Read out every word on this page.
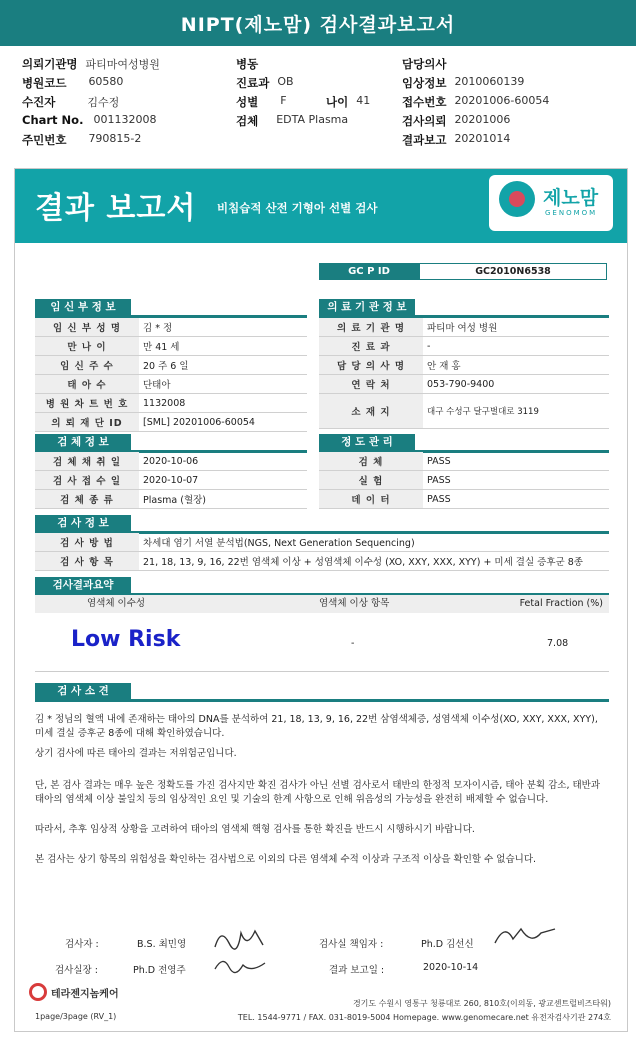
NIPT(제노맘) 검사결과보고서
의뢰기관명 파티마여성병원
병원코드 60580
수진자	김수정
Chart No. 001132008
주민번호 790815-2
병동
진료과 OB
성별 F	나이 41
검체 EDTA Plasma
담당의사
임상정보 2010060139
접수번호 20201006-60054
검사의뢰 20201006
결과보고 20201014
결과 보고서 비침습적 산전 기형아 선별 검사	제노맘
GENOMOM
GC P ID	GC2010N6538
임 신 부 정 보
임 신 부 성 명	김 * 정
만 나 이	만 41 세
임 신 주 수	20 주 6 일
태 아 수	단태아
병 원 차 트 번 호	1132008
의 뢰 재 단 ID	[SML] 20201006-60054
의 료 기 관 정 보
의 료 기 관 명	파티마 여성 병원
진 료 과	-
담 당 의 사 명	안 재 홍
연 락 처	053-790-9400
소 재 지	대구 수성구 달구벌대로 3119
검 체 정 보
검 체 채 취 일	2020-10-06
검 사 접 수 일	2020-10-07
검 체 종 류	Plasma (혈장)
정 도 관 리
검 체	PASS
실 험	PASS
데 이 터	PASS
검 사 정 보
검 사 방 법	차세대 염기 서열 분석법(NGS, Next Generation Sequencing)
검 사 항 목	21, 18, 13, 9, 16, 22번 염색체 이상 + 성염색체 이수성 (XO, XXY, XXX, XYY) + 미세 결실 증후군 8종
검사결과요약
염색체 이수성	염색체 이상 항목	Fetal Fraction (%)
Low Risk	-	7.08
검 사 소 견
김 * 정님의 혈액 내에 존재하는 태아의 DNA를 분석하여 21, 18, 13, 9, 16, 22번 삼염색체증, 성염색체 이수성(XO, XXY, XXX, XYY), 미세 결실 증후군 8종에 대해 확인하였습니다.
상기 검사에 따른 태아의 결과는 저위험군입니다.
단, 본 검사 결과는 매우 높은 정확도를 가진 검사지만 확진 검사가 아닌 선별 검사로서 태반의 한정적 모자이시즘, 태아 분획 감소, 태반과 태아의 염색체 이상 불일치 등의 임상적인 요인 및 기술의 한계 사항으로 인해 위음성의 가능성을 완전히 배제할 수 없습니다.
따라서, 추후 임상적 상황을 고려하여 태아의 염색체 핵형 검사를 통한 확진을 반드시 시행하시기 바랍니다.
본 검사는 상기 항목의 위험성을 확인하는 검사법으로 이외의 다른 염색체 수적 이상과 구조적 이상을 확인할 수 없습니다.
검사자 :	B.S. 최민영	검사실 책임자 :	Ph.D 김선신
검사실장 :	Ph.D 전영주	결과 보고일 :	2020-10-14
테라젠지놈케어
1page/3page (RV_1)
경기도 수원시 영통구 청룡대로 260, 810호(이의동, 광교센트럴비즈타워)
TEL. 1544-9771 / FAX. 031-8019-5004 Homepage. www.genomecare.net 유전자검사기관 274호
